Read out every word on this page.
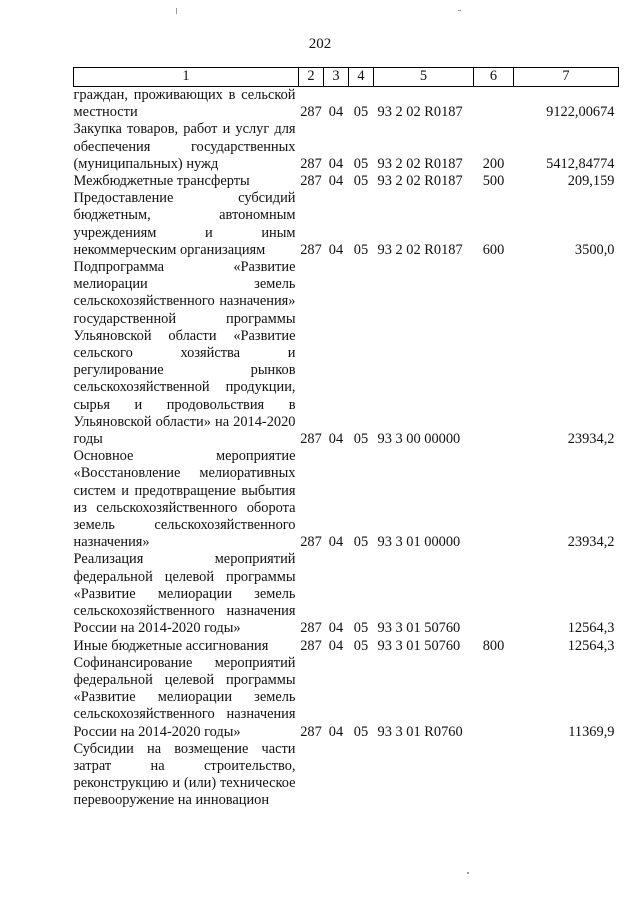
202
1	2	3	4	5	6	7
граждан, проживающих в сельской местности	287	04	05	93 2 02 R0187		9122,00674
Закупка товаров, работ и услуг для обеспечения государственных (муниципальных) нужд	287	04	05	93 2 02 R0187	200	5412,84774
Межбюджетные трансферты	287	04	05	93 2 02 R0187	500	209,159
Предоставление субсидий бюджетным, автономным учреждениям и иным некоммерческим организациям	287	04	05	93 2 02 R0187	600	3500,0
Подпрограмма «Развитие мелиорации земель сельскохозяйственного назначения» государственной программы Ульяновской области «Развитие сельского хозяйства и регулирование рынков сельскохозяйственной продукции, сырья и продовольствия в Ульяновской области» на 2014-2020 годы	287	04	05	93 3 00 00000		23934,2
Основное мероприятие «Восстановление мелиоративных систем и предотвращение выбытия из сельскохозяйственного оборота земель сельскохозяйственного назначения»	287	04	05	93 3 01 00000		23934,2
Реализация мероприятий федеральной целевой программы «Развитие мелиорации земель сельскохозяйственного назначения России на 2014-2020 годы»	287	04	05	93 3 01 50760		12564,3
Иные бюджетные ассигнования	287	04	05	93 3 01 50760	800	12564,3
Софинансирование мероприятий федеральной целевой программы «Развитие мелиорации земель сельскохозяйственного назначения России на 2014-2020 годы»	287	04	05	93 3 01 R0760		11369,9
Субсидии на возмещение части затрат на строительство, реконструкцию и (или) техническое перевооружение на инновацион						
